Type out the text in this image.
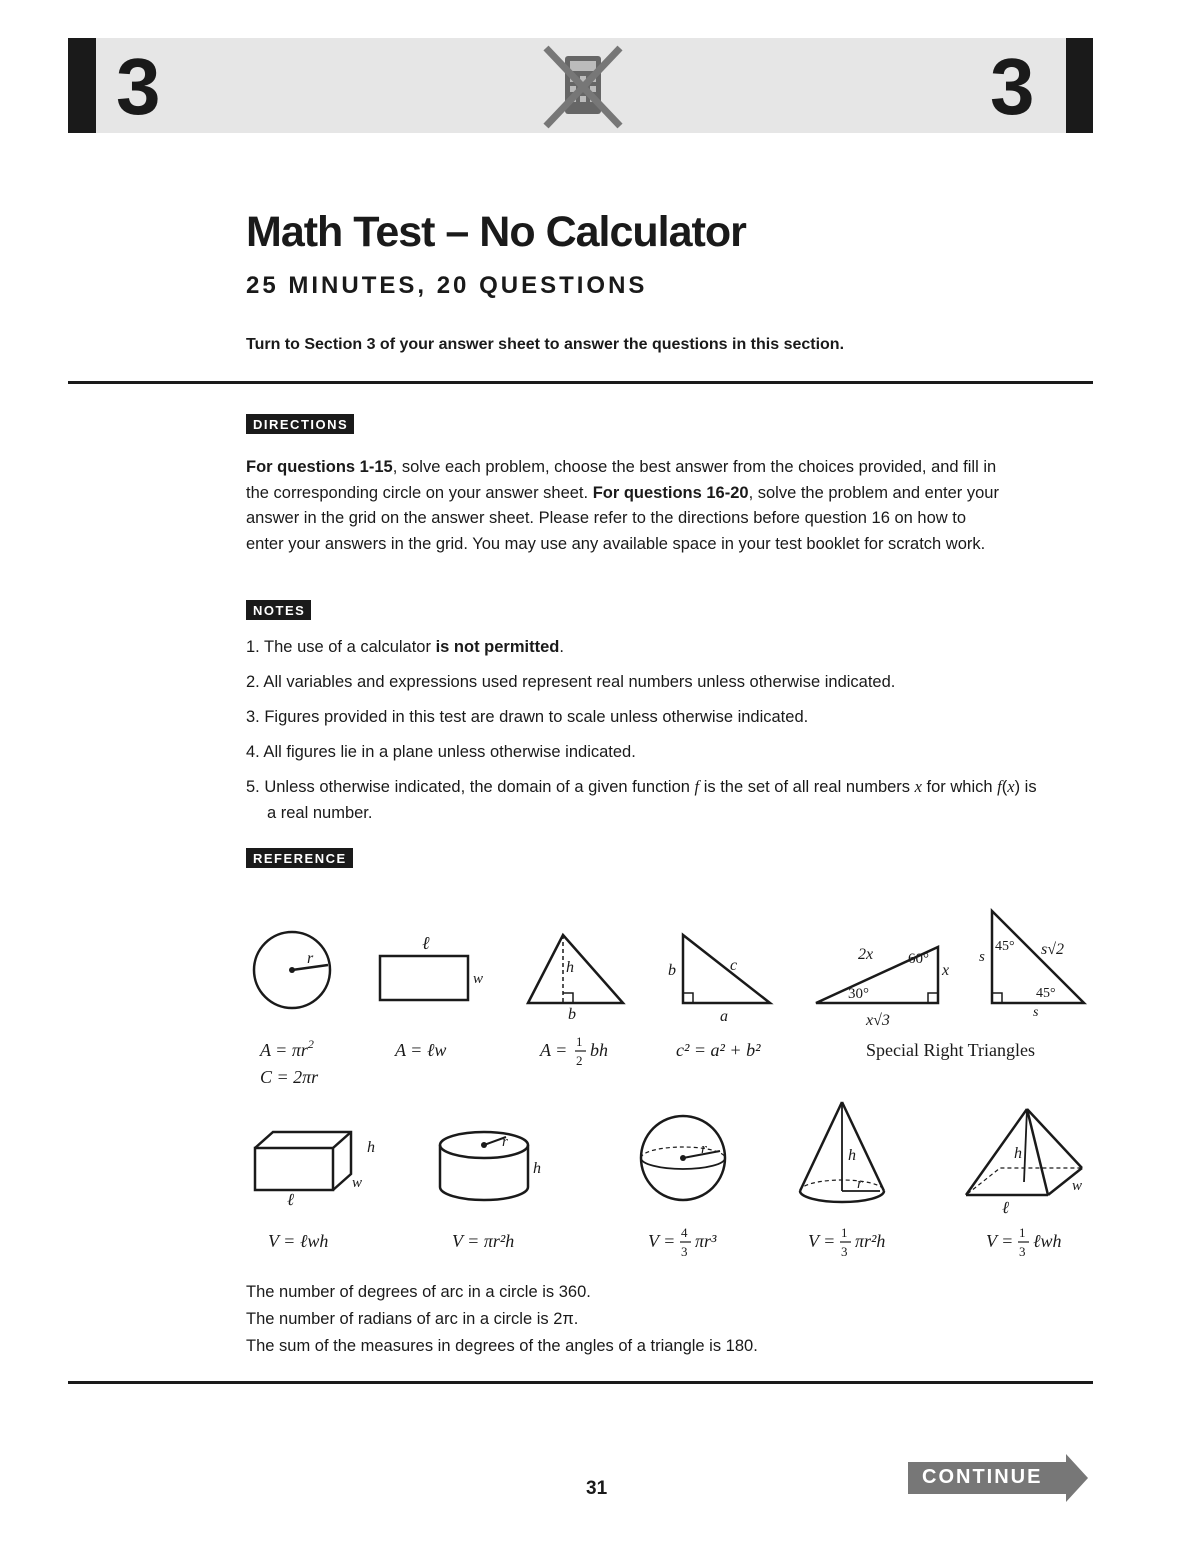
3	3
Math Test – No Calculator
25 MINUTES, 20 QUESTIONS
Turn to Section 3 of your answer sheet to answer the questions in this section.
DIRECTIONS
For questions 1-15, solve each problem, choose the best answer from the choices provided, and fill in the corresponding circle on your answer sheet. For questions 16-20, solve the problem and enter your answer in the grid on the answer sheet. Please refer to the directions before question 16 on how to enter your answers in the grid. You may use any available space in your test booklet for scratch work.
NOTES
1. The use of a calculator is not permitted.
2. All variables and expressions used represent real numbers unless otherwise indicated.
3. Figures provided in this test are drawn to scale unless otherwise indicated.
4. All figures lie in a plane unless otherwise indicated.
5. Unless otherwise indicated, the domain of a given function f is the set of all real numbers x for which f(x) is a real number.
REFERENCE
r
ℓ
w
h
b
b	c
a
2x 60°
30°
x
x√3
s
45° s√2
45°
s
$A = \pi r^2$
C = 2πr
A = ℓw	A = 1
2
bh	c² = a² + b²	Special Right Triangles
h
ℓ
w
r
h
r	h
r
h
ℓ
w
V = ℓwh	V = πr²h	V = 4
3
πr³	V = 1
3
πr²h	V = 1
3
ℓwh
The number of degrees of arc in a circle is 360.
The number of radians of arc in a circle is 2π.
The sum of the measures in degrees of the angles of a triangle is 180.
31
CONTINUE
